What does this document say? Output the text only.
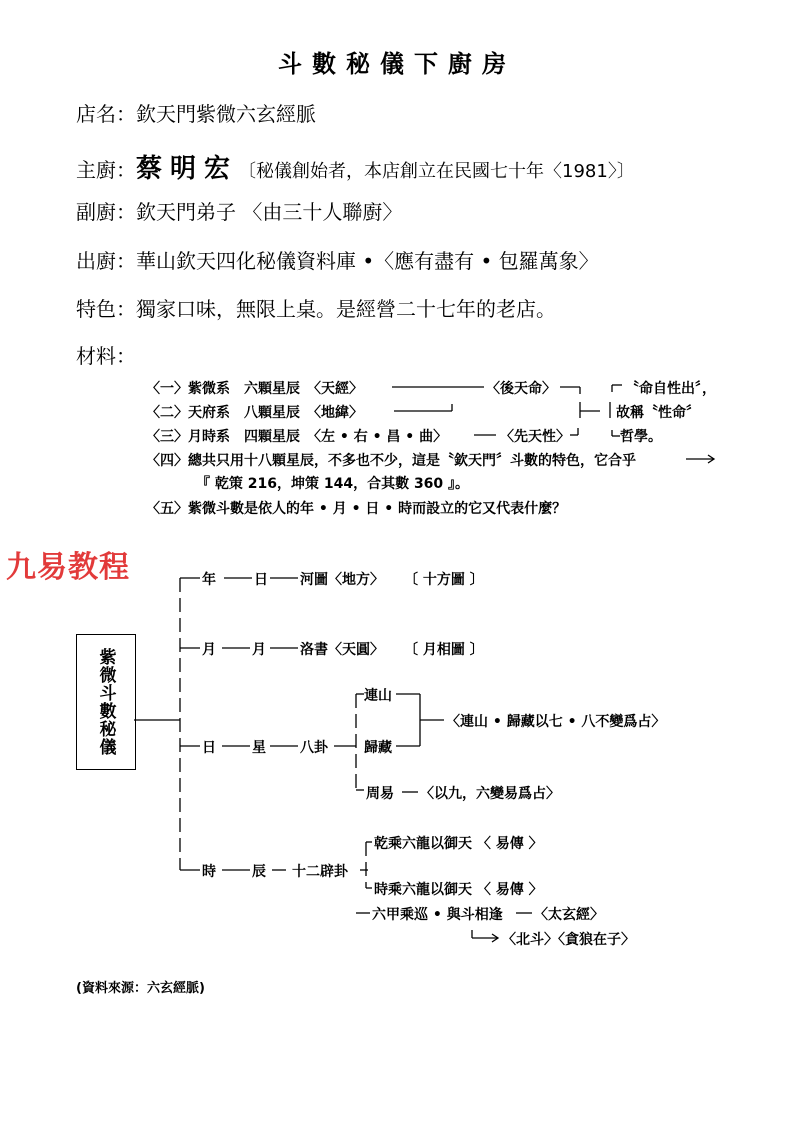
斗數秘儀下廚房
店名：欽天門紫微六玄經脈
主廚：蔡明宏〔秘儀創始者，本店創立在民國七十年〈1981〉〕
副廚：欽天門弟子 〈由三十人聯廚〉
出廚：華山欽天四化秘儀資料庫 •〈應有盡有 • 包羅萬象〉
特色：獨家口味，無限上桌。是經營二十七年的老店。
材料：
〈一〉紫微系　六顆星辰　〈天經〉	〈後天命〉
〈二〉天府系　八顆星辰　〈地緯〉
〈三〉月時系　四顆星辰　〈左 • 右 • 昌 • 曲〉	〈先天性〉
〝命自性出〞，
故稱〝性命〞
哲學。
〈四〉總共只用十八顆星辰，不多也不少，這是〝欽天門〞斗數的特色，它合乎
『 乾策 216，坤策 144，合其數 360 』。
〈五〉紫微斗數是依人的年 • 月 • 日 • 時而設立的它又代表什麼？
九易教程
紫微斗數秘儀
年	日 河圖〈地方〉 〔 十方圖 〕
月	月 洛書〈天圓〉 〔 月相圖 〕
連山
〈連山 • 歸藏以七 • 八不變爲占〉
日	星 八卦	歸藏
周易 〈以九，六變易爲占〉
乾乘六龍以御天 〈 易傳 〉
時	辰 十二辟卦
時乘六龍以御天 〈 易傳 〉
六甲乘巡 • 與斗相逢 〈太玄經〉
〈北斗〉〈貪狼在子〉
(資料來源：六玄經脈)
